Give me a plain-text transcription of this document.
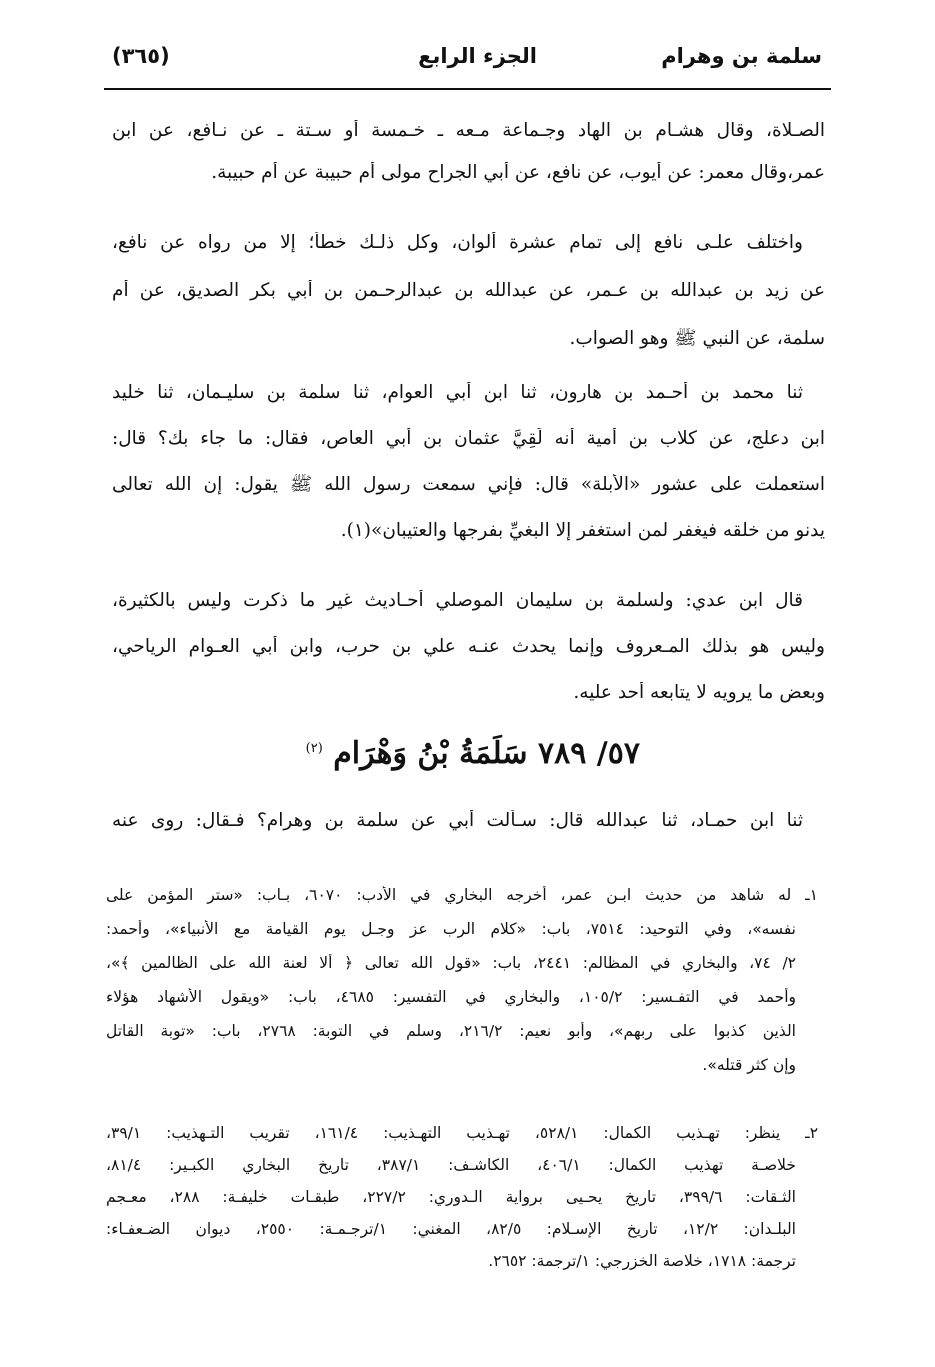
سلمة بن وهرام
الجزء الرابع
(٣٦٥)
الصـلاة، وقال هشـام بن الهاد وجـماعة مـعه ـ خـمسة أو سـتة ـ عن نـافع، عن ابن
عمر،وقال معمر: عن أيوب، عن نافع، عن أبي الجراح مولى أم حبيبة عن أم حبيبة.
واختلف علـى نافع إلى تمام عشرة ألوان، وكل ذلـك خطأ؛ إلا من رواه عن نافع،
عن زيد بن عبدالله بن عـمر، عن عبدالله بن عبدالرحـمن بن أبي بكر الصديق، عن أم
سلمة، عن النبي ﷺ وهو الصواب.
ثنا محمد بن أحـمد بن هارون، ثنا ابن أبي العوام، ثنا سلمة بن سليـمان، ثنا خليد
ابن دعلج، عن كلاب بن أمية أنه لَقِيَّ عثمان بن أبي العاص، فقال: ما جاء بك؟ قال:
استعملت على عشور «الأبلة» قال: فإني سمعت رسول الله ﷺ يقول: إن الله تعالى
يدنو من خلقه فيغفر لمن استغفر إلا البغيِّ بفرجها والعتيبان»(١).
قال ابن عدي: ولسلمة بن سليمان الموصلي أحـاديث غير ما ذكرت وليس بالكثيرة،
وليس هو بذلك المـعروف وإنما يحدث عنـه علي بن حرب، وابن أبي العـوام الرياحي،
وبعض ما يرويه لا يتابعه أحد عليه.
٥٧/ ٧٨٩ سَلَمَةُ بْنُ وَهْرَام $^{(٢)}$
ثنا ابن حمـاد، ثنا عبدالله قال: سـألت أبي عن سلمة بن وهرام؟ فـقال: روى عنه
١ـ له شاهد من حديث ابـن عمر، أخرجه البخاري في الأدب: ٦٠٧٠، بـاب: «ستر المؤمن على
نفسه»، وفي التوحيد: ٧٥١٤، باب: «كلام الرب عز وجـل يوم القيامة مع الأنبياء»، وأحمد:
٢/ ٧٤، والبخاري في المظالم: ٢٤٤١، باب: «قول الله تعالى ﴿ ألا لعنة الله على الظالمين ﴾»،
وأحمد في التفـسير: ١٠٥/٢، والبخاري في التفسير: ٤٦٨٥، باب: «ويقول الأشهاد هؤلاء
الذين كذبوا على ربهم»، وأبو نعيم: ٢١٦/٢، وسلم في التوبة: ٢٧٦٨، باب: «توبة القاتل
وإن كثر قتله».
٢ـ ينظر: تهـذيب الكمال: ٥٢٨/١، تهـذيب التهـذيب: ١٦١/٤، تقريب التـهذيب: ٣٩/١،
خلاصـة تهذيب الكمال: ٤٠٦/١، الكاشـف: ٣٨٧/١، تاريخ البخاري الكبـير: ٨١/٤،
الثـقات: ٣٩٩/٦، تاريخ يحـيى برواية الـدوري: ٢٢٧/٢، طبقـات خليفـة: ٢٨٨، معـجم
البلـدان: ١٢/٢، تاريخ الإسـلام: ٨٢/٥، المغني: ١/ترجـمـة: ٢٥٥٠، ديوان الضـعفـاء:
ترجمة: ١٧١٨، خلاصة الخزرجي: ١/ترجمة: ٢٦٥٢.
